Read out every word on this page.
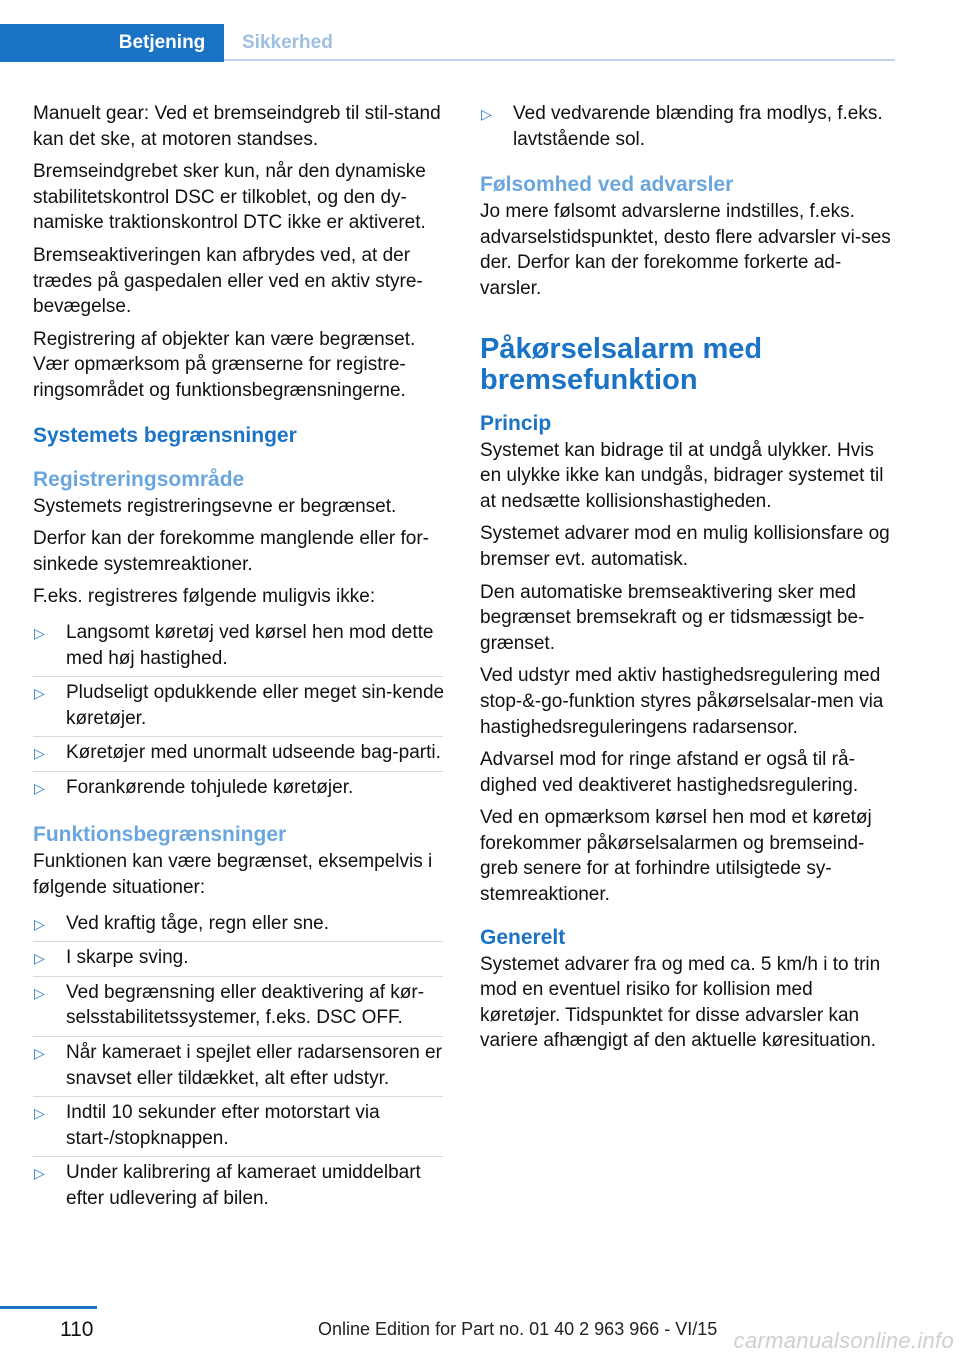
Betjening	Sikkerhed

Manuelt gear: Ved et bremseindgreb til stil‐stand kan det ske, at motoren standses.

Bremseindgrebet sker kun, når den dynamiske stabilitetskontrol DSC er tilkoblet, og den dy‐namiske traktionskontrol DTC ikke er aktiveret.

Bremseaktiveringen kan afbrydes ved, at der trædes på gaspedalen eller ved en aktiv styre‐bevægelse.

Registrering af objekter kan være begrænset. Vær opmærksom på grænserne for registre‐ringsområdet og funktionsbegrænsningerne.

Systemets begrænsninger
Registreringsområde

Systemets registreringsevne er begrænset.

Derfor kan der forekomme manglende eller for‐sinkede systemreaktioner.

F.eks. registreres følgende muligvis ikke:

▷ Langsomt køretøj ved kørsel hen mod dette med høj hastighed.
▷ Pludseligt opdukkende eller meget sin‐kende køretøjer.
▷ Køretøjer med unormalt udseende bag‐parti.
▷ Forankørende tohjulede køretøjer.
Funktionsbegrænsninger

Funktionen kan være begrænset, eksempelvis i følgende situationer:

▷ Ved kraftig tåge, regn eller sne.
▷ I skarpe sving.
▷ Ved begrænsning eller deaktivering af kør‐selsstabilitetssystemer, f.eks. DSC OFF.
▷ Når kameraet i spejlet eller radarsensoren er snavset eller tildækket, alt efter udstyr.
▷ Indtil 10 sekunder efter motorstart via start-/stopknappen.
▷ Under kalibrering af kameraet umiddelbart efter udlevering af bilen.
▷ Ved vedvarende blænding fra modlys, f.eks. lavtstående sol.
Følsomhed ved advarsler

Jo mere følsomt advarslerne indstilles, f.eks. advarselstidspunktet, desto flere advarsler vi‐ses der. Derfor kan der forekomme forkerte ad‐varsler.

Påkørselsalarm med bremsefunktion
Princip

Systemet kan bidrage til at undgå ulykker. Hvis en ulykke ikke kan undgås, bidrager systemet til at nedsætte kollisionshastigheden.

Systemet advarer mod en mulig kollisionsfare og bremser evt. automatisk.

Den automatiske bremseaktivering sker med begrænset bremsekraft og er tidsmæssigt be‐grænset.

Ved udstyr med aktiv hastighedsregulering med stop-&-go-funktion styres påkørselsalar‐men via hastighedsreguleringens radarsensor.

Advarsel mod for ringe afstand er også til rå‐dighed ved deaktiveret hastighedsregulering.

Ved en opmærksom kørsel hen mod et køretøj forekommer påkørselsalarmen og bremseind‐greb senere for at forhindre utilsigtede sy‐stemreaktioner.

Generelt

Systemet advarer fra og med ca. 5 km/h i to trin mod en eventuel risiko for kollision med køretøjer. Tidspunktet for disse advarsler kan variere afhængigt af den aktuelle køresituation.

110	Online Edition for Part no. 01 40 2 963 966 - VI/15 carmanualsonline.info
